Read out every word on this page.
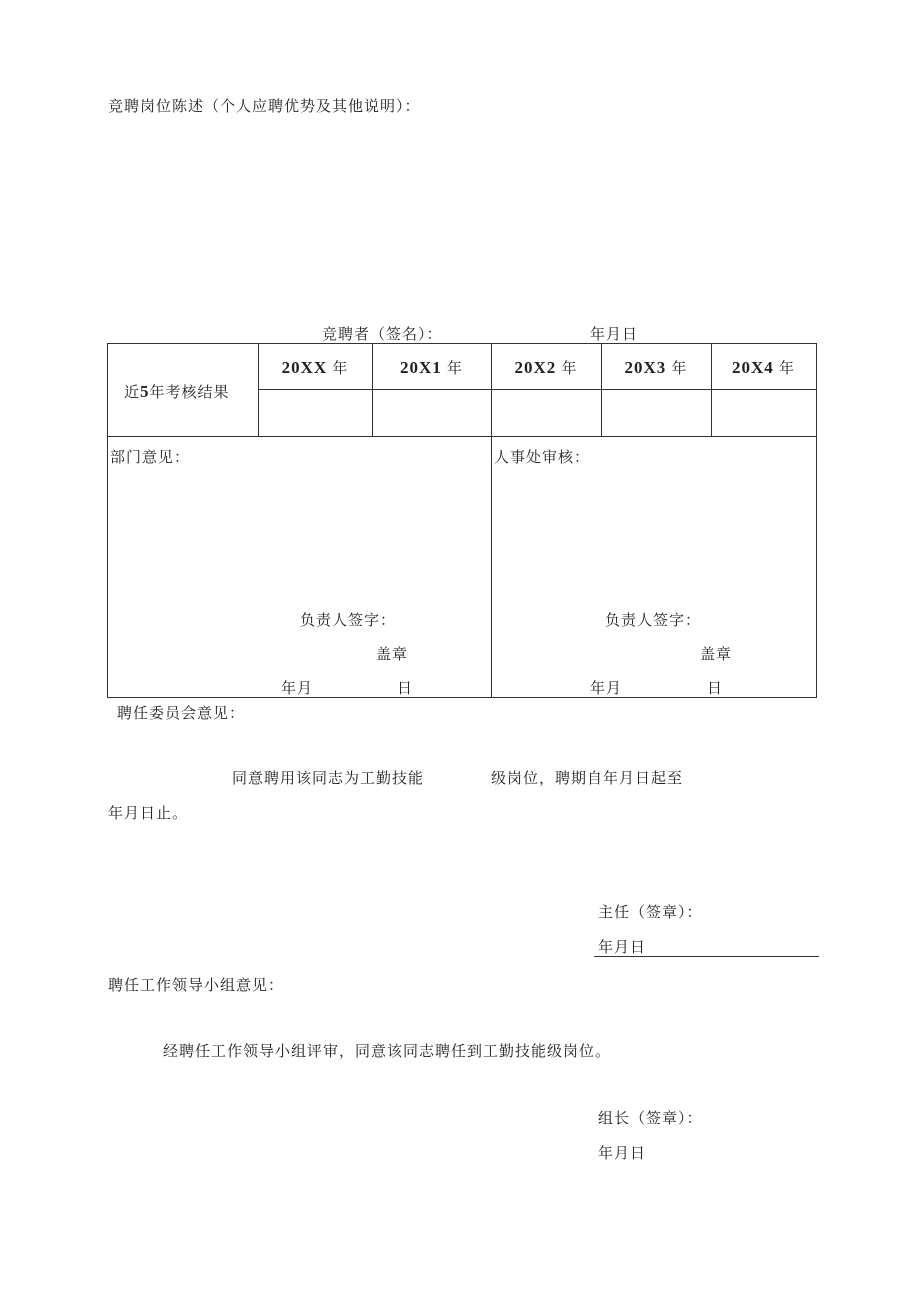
竞聘岗位陈述（个人应聘优势及其他说明）：
竞聘者（签名）：	年月日
近5年考核结果
20XX 年	20X1 年	20X2 年	20X3 年	20X4 年
部门意见：
负责人签字：
盖章
年月	日
人事处审核：
负责人签字：
盖章
年月	日
聘任委员会意见：
同意聘用该同志为工勤技能	级岗位，聘期自年月日起至
年月日止。
主任（签章）：
年月日
聘任工作领导小组意见：
经聘任工作领导小组评审，同意该同志聘任到工勤技能级岗位。
组长（签章）：
年月日
